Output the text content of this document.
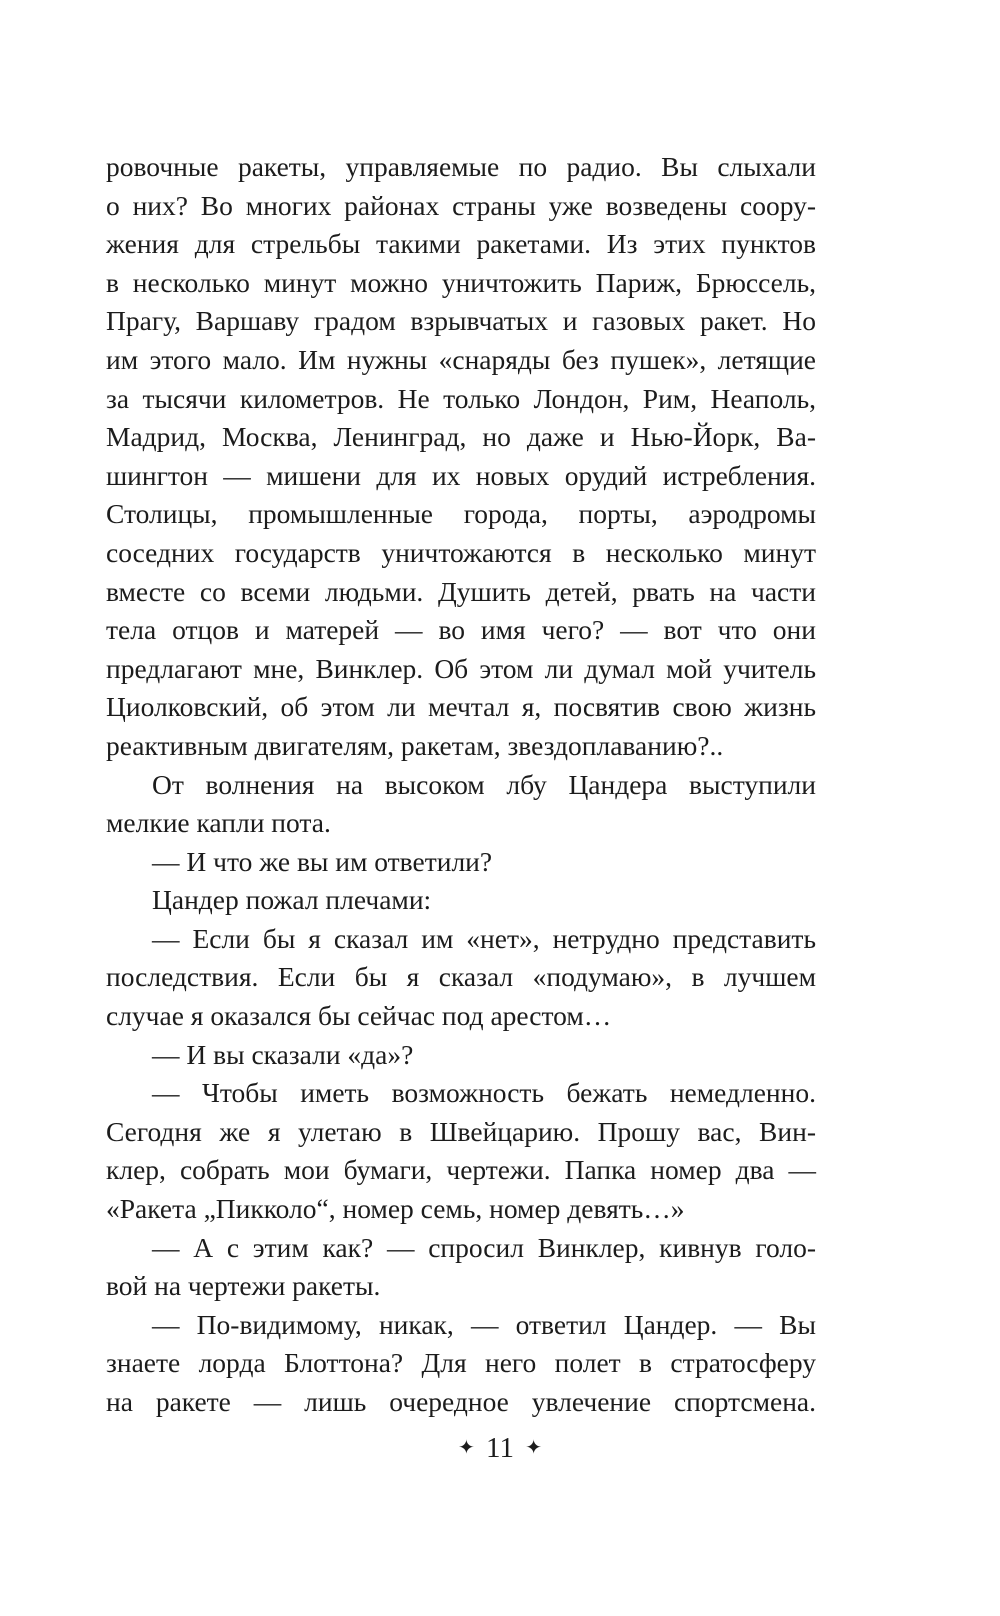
ровочные ракеты, управляемые по радио. Вы слыхали
о них? Во многих районах страны уже возведены соору-
жения для стрельбы такими ракетами. Из этих пунктов
в несколько минут можно уничтожить Париж, Брюссель,
Прагу, Варшаву градом взрывчатых и газовых ракет. Но
им этого мало. Им нужны «снаряды без пушек», летящие
за тысячи километров. Не только Лондон, Рим, Неаполь,
Мадрид, Москва, Ленинград, но даже и Нью-Йорк, Ва-
шингтон — мишени для их новых орудий истребления.
Столицы, промышленные города, порты, аэродромы
соседних государств уничтожаются в несколько минут
вместе со всеми людьми. Душить детей, рвать на части
тела отцов и матерей — во имя чего? — вот что они
предлагают мне, Винклер. Об этом ли думал мой учитель
Циолковский, об этом ли мечтал я, посвятив свою жизнь
реактивным двигателям, ракетам, звездоплаванию?..
От волнения на высоком лбу Цандера выступили
мелкие капли пота.
— И что же вы им ответили?
Цандер пожал плечами:
— Если бы я сказал им «нет», нетрудно представить
последствия. Если бы я сказал «подумаю», в лучшем
случае я оказался бы сейчас под арестом…
— И вы сказали «да»?
— Чтобы иметь возможность бежать немедленно.
Сегодня же я улетаю в Швейцарию. Прошу вас, Вин-
клер, собрать мои бумаги, чертежи. Папка номер два —
«Ракета „Пикколо“, номер семь, номер девять…»
— А с этим как? — спросил Винклер, кивнув голо-
вой на чертежи ракеты.
— По-видимому, никак, — ответил Цандер. — Вы
знаете лорда Блоттона? Для него полет в стратосферу
на ракете — лишь очередное увлечение спортсмена.
✦ 11 ✦
